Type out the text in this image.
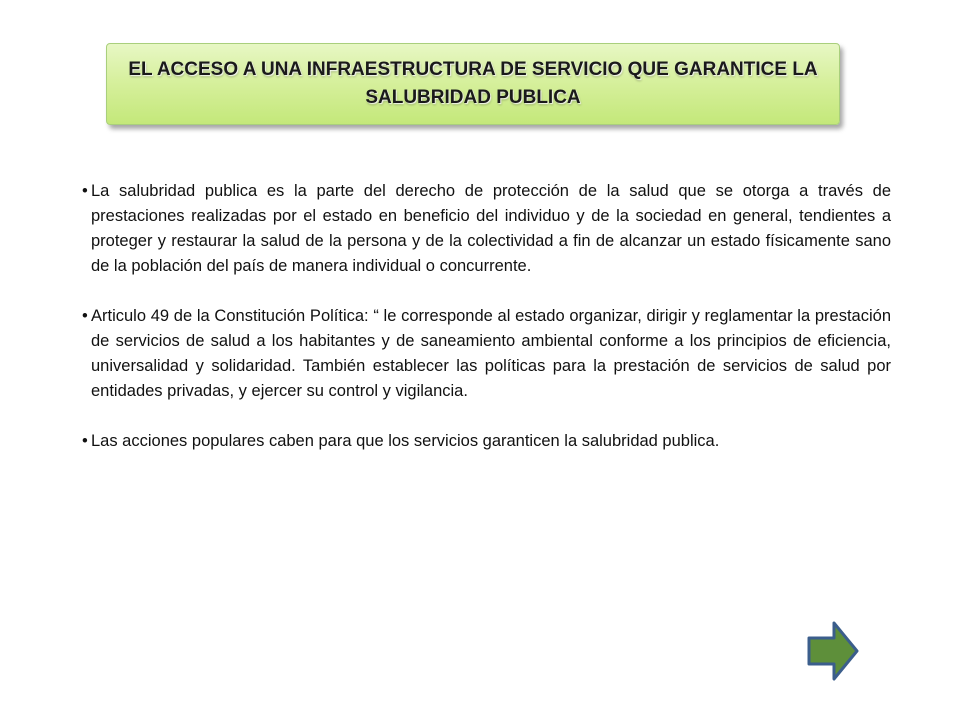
EL ACCESO A UNA INFRAESTRUCTURA DE SERVICIO QUE GARANTICE LA SALUBRIDAD PUBLICA

• La salubridad publica es la parte del derecho de protección de la salud que se otorga a través de prestaciones realizadas por el estado en beneficio del individuo y de la sociedad en general, tendientes a proteger y restaurar la salud de la persona y de la colectividad a fin de alcanzar un estado físicamente sano de la población del país de manera individual o concurrente.

• Articulo 49 de la Constitución Política: “ le corresponde al estado organizar, dirigir y reglamentar la prestación de servicios de salud a los habitantes y de saneamiento ambiental conforme a los principios de eficiencia, universalidad y solidaridad. También establecer las políticas para la prestación de servicios de salud por entidades privadas, y ejercer su control y vigilancia.

• Las acciones populares caben para que los servicios garanticen la salubridad publica.
